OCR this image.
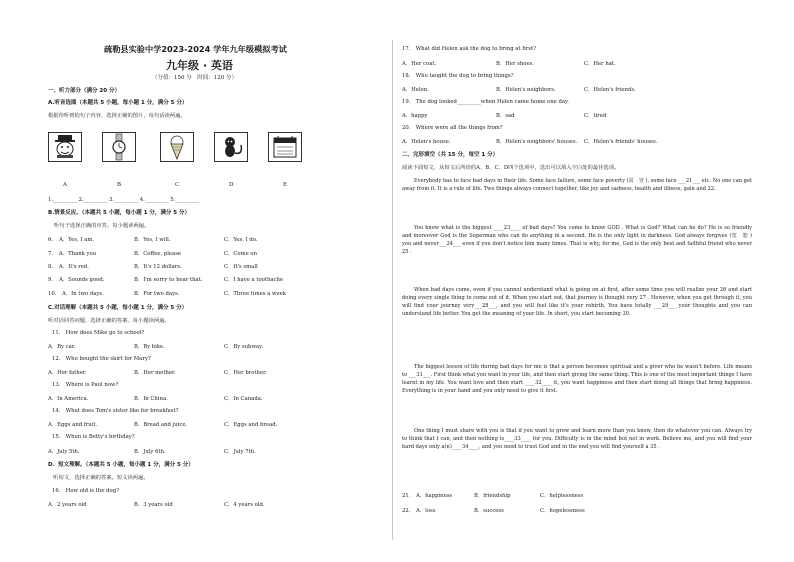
疏勒县实验中学2023-2024 学年九年级模拟考试
九年级 · 英语
（分值：150 分　时间：120 分）
一、听力部分（满分 20 分）
A.听音选图（本题共 5 小题，每小题 1 分，满分 5 分）
根据你听到的句子内容，选择正确的图片，每句话读两遍。
A	B	C	D	E
1._________ 2._________ 3._________ 4._________ 5._________
B.情景反应。（本题共 5 小题，每小题 1 分，满分 5 分）
听句子选择正确的应答。每小题读两遍。
6. A．Yes, I am.	B．Yes, I will.	C．Yes, I do.
7. A．Thank you	B．Coffee, please	C．Come on
8. A．It's red.	B．It's 12 dollars.	C．It's small
9. A．Sounds good.	B．I'm sorry to hear that.	C．I have a toothache
10. A．In two days.	B．For two days.	C．Three times a week
C.对话理解（本题共 5 小题，每小题 1 分，满分 5 分）
听对话回答问题，选择正确的答案。每小题读两遍。
11.　How does Mike go to school?
A．By car.	B．By bike.	C．By subway.
12.　Who bought the skirt for Mary?
A．Her father.	B．Her mother.	C．Her brother.
13.　Where is Paul now?
A．In America.	B．In China.	C．In Canada.
14.　What does Tom's sister like for breakfast?
A．Eggs and fruit.	B．Bread and juice.	C．Eggs and bread.
15.　When is Betty's birthday?
A．July 5th.	B．July 6th.	C．July 7th.
D．短文理解。（本题共 5 小题，每小题 1 分，满分 5 分）
　听短文，选择正确的答案。短文读两遍。
16.　How old is the dog?
A．2 years old	B．3 years old	C．4 years old.
17.　What did Helen ask the dog to bring at first?
A．Her coat.	B．Her shoes.	C．Her hat.
18.　Who taught the dog to bring things?
A．Helen.	B．Helen's neighbors.	C．Helen's friends.
19.　The dog looked_________when Helen came home one day.
A．happy	B．sad	C．tired
20.　Where were all the things from?
A．Helen's house.	B．Helen's neighbors' houses. C．Helen's friends' houses.
二、完形填空（共 15 分，每空 1 分）
阅读下面短文，从短文后所给的A、B、C、D四个选项中，选出可以填入空白处的最佳选项。
Everybody has to face bad days in their life. Some face failure, some face poverty (贫　穷 ), some face ___21___ etc. No one can get away from it. It is a rule of life. Two things always connect together, like joy and sadness, health and illness, gain and 22.
You know what is the biggest ____23____ of bad days? You come to know GOD . What is God? What can he do? He is so friendly and moreover God is the Superman who can do anything in a second. He is the only light in darkness. God always forgives (宽　恕 ) you and never___24___ even if you don't notice him many times. That is why, for me, God is the only best and faithful friend who never 25 .
When bad days come, even if you cannot understand what is going on at first, after some time you will realize your 26 and start doing every single thing to come out of it. When you start out, that journey is thought very 27 . However, when you get through it, you will find your journey very___28___, and you will feel like it's your rebirth. You have totally ___29___ your thoughts and you can understand life better. You get the meaning of your life. In short, you start becoming 30.
The biggest lesson of life during bad days for me is that a person becomes spiritual and a giver who he wasn't before. Life means to ___31___. First think what you want in your life, and then start giving the same thing. This is one of the most important things I have learnt in my life. You want love and then start ____32____ it, you want happiness and then start doing all things that bring happiness. Everything is in your hand and you only need to give it first.
One thing I must share with you is that if you want to grow and learn more than you know, then do whatever you can. Always try to think that I can, and then nothing is____33____ for you. Difficulty is in the mind but not in work. Believe me, and you will find your hard days only a(n)____34____, and you need to trust God and in the end you will find yourself a 35 .
21． A．happiness	B．friendship	C．helplessness
22． A．loss	B．success	C．hopelessness
